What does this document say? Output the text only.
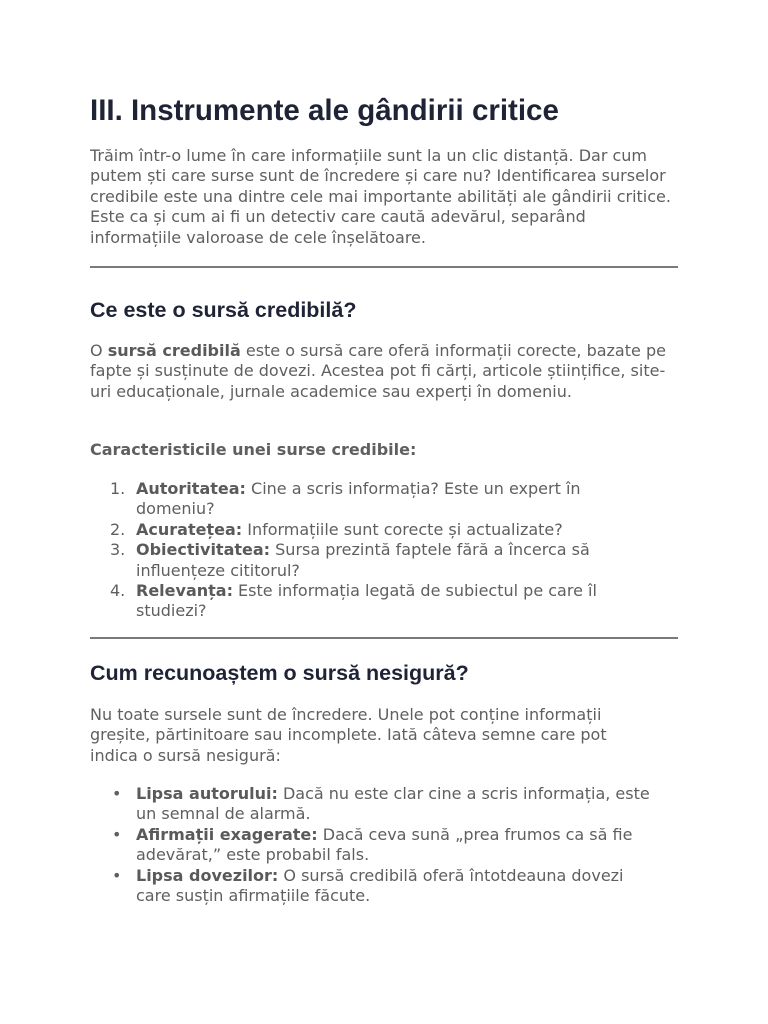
III. Instrumente ale gândirii critice

Trăim într-o lume în care informațiile sunt la un clic distanță. Dar cum putem ști care surse sunt de încredere și care nu? Identificarea surselor credibile este una dintre cele mai importante abilități ale gândirii critice. Este ca și cum ai fi un detectiv care caută adevărul, separând informațiile valoroase de cele înșelătoare.

Ce este o sursă credibilă?

O sursă credibilă este o sursă care oferă informații corecte, bazate pe fapte și susținute de dovezi. Acestea pot fi cărți, articole științifice, site-uri educaționale, jurnale academice sau experți în domeniu.

Caracteristicile unei surse credibile:
1. Autoritatea: Cine a scris informația? Este un expert în domeniu?
2. Acuratețea: Informațiile sunt corecte și actualizate?
3. Obiectivitatea: Sursa prezintă faptele fără a încerca să influențeze cititorul?
4. Relevanța: Este informația legată de subiectul pe care îl studiezi?
Cum recunoaștem o sursă nesigură?

Nu toate sursele sunt de încredere. Unele pot conține informații greșite, părtinitoare sau incomplete. Iată câteva semne care pot indica o sursă nesigură:

• Lipsa autorului: Dacă nu este clar cine a scris informația, este un semnal de alarmă.
• Afirmații exagerate: Dacă ceva sună „prea frumos ca să fie adevărat,” este probabil fals.
• Lipsa dovezilor: O sursă credibilă oferă întotdeauna dovezi care susțin afirmațiile făcute.
